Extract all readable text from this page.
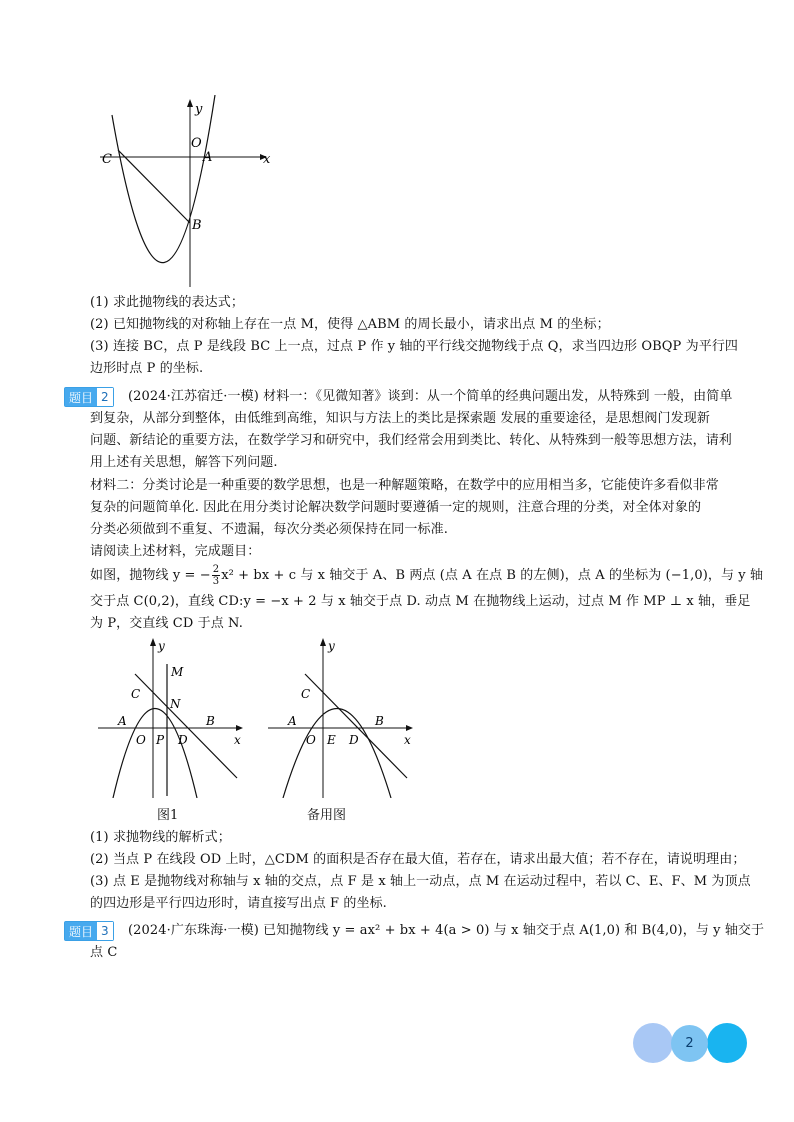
y
O
C	A	x
B
(1) 求此抛物线的表达式；
(2) 已知抛物线的对称轴上存在一点 M，使得 △ABM 的周长最小，请求出点 M 的坐标；
(3) 连接 BC，点 P 是线段 BC 上一点，过点 P 作 y 轴的平行线交抛物线于点 Q，求当四边形 OBQP 为平行四
边形时点 P 的坐标.
题目 2	(2024·江苏宿迁·一模) 材料一：《见微知著》谈到：从一个简单的经典问题出发，从特殊到 一般，由简单
到复杂，从部分到整体，由低维到高维，知识与方法上的类比是探索题 发展的重要途径，是思想阀门发现新
问题、新结论的重要方法，在数学学习和研究中，我们经常会用到类比、转化、从特殊到一般等思想方法，请利
用上述有关思想，解答下列问题.
材料二：分类讨论是一种重要的数学思想，也是一种解题策略，在数学中的应用相当多，它能使许多看似非常
复杂的问题简单化. 因此在用分类讨论解决数学问题时要遵循一定的规则，注意合理的分类，对全体对象的
分类必须做到不重复、不遗漏，每次分类必须保持在同一标准.
请阅读上述材料，完成题目：
如图，抛物线 y = − $\frac{2}{3} x^2$ + bx + c 与 x 轴交于 A、B 两点 (点 A 在点 B 的左侧)，点 A 的坐标为 (−1,0)，与 y 轴
交于点 C(0,2)，直线 CD:y = −x + 2 与 x 轴交于点 D. 动点 M 在抛物线上运动，过点 M 作 MP ⊥ x 轴，垂足
为 P，交直线 CD 于点 N.
y
M
C
N
A	B
O P D	x
图1
y
C
A	B
O E D	x
备用图
(1) 求抛物线的解析式；
(2) 当点 P 在线段 OD 上时，△CDM 的面积是否存在最大值，若存在，请求出最大值；若不存在，请说明理由；
(3) 点 E 是抛物线对称轴与 x 轴的交点，点 F 是 x 轴上一动点，点 M 在运动过程中，若以 C、E、F、M 为顶点
的四边形是平行四边形时，请直接写出点 F 的坐标.
题目 3	(2024·广东珠海·一模) 已知抛物线 y = ax² + bx + 4(a > 0) 与 x 轴交于点 A(1,0) 和 B(4,0)，与 y 轴交于
点 C
2
